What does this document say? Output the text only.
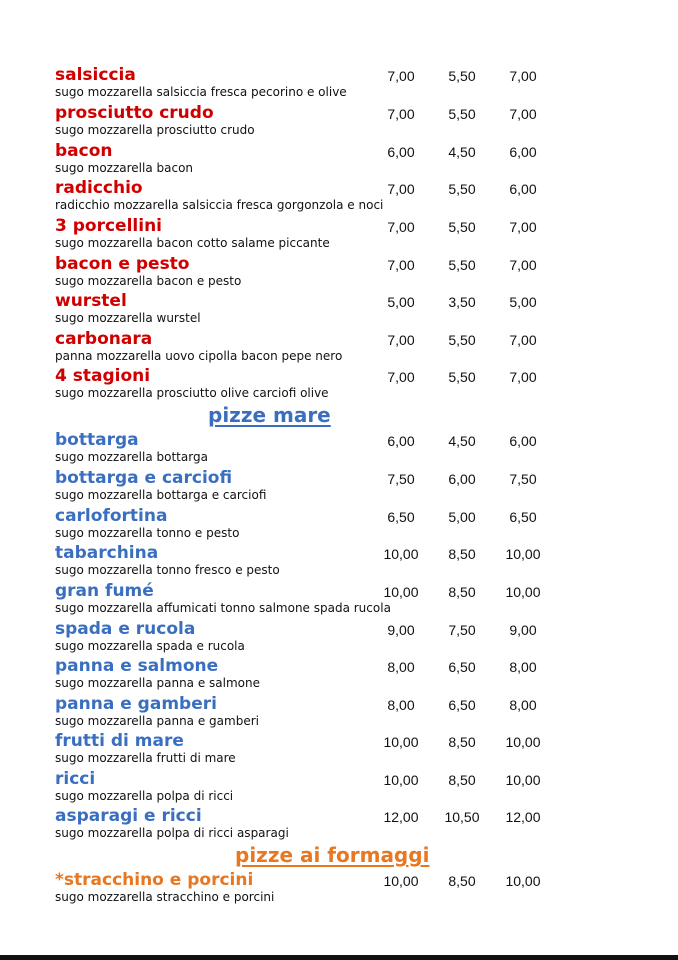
salsiccia
sugo mozzarella salsiccia fresca pecorino e olive
7,00	5,50	7,00
prosciutto crudo
sugo mozzarella prosciutto crudo
7,00	5,50	7,00
bacon
sugo mozzarella bacon
6,00	4,50	6,00
radicchio
radicchio mozzarella salsiccia fresca gorgonzola e noci
7,00	5,50	6,00
3 porcellini
sugo mozzarella bacon cotto salame piccante
7,00	5,50	7,00
bacon e pesto
sugo mozzarella bacon e pesto
7,00	5,50	7,00
wurstel
sugo mozzarella wurstel
5,00	3,50	5,00
carbonara
panna mozzarella uovo cipolla bacon pepe nero
7,00	5,50	7,00
4 stagioni
sugo mozzarella prosciutto olive carciofi olive
7,00	5,50	7,00
pizze mare
bottarga
sugo mozzarella bottarga
6,00	4,50	6,00
bottarga e carciofi
sugo mozzarella bottarga e carciofi
7,50	6,00	7,50
carlofortina
sugo mozzarella tonno e pesto
6,50	5,00	6,50
tabarchina
sugo mozzarella tonno fresco e pesto
10,00	8,50	10,00
gran fumé
sugo mozzarella affumicati tonno salmone spada rucola
10,00	8,50	10,00
spada e rucola
sugo mozzarella spada e rucola
9,00	7,50	9,00
panna e salmone
sugo mozzarella panna e salmone
8,00	6,50	8,00
panna e gamberi
sugo mozzarella panna e gamberi
8,00	6,50	8,00
frutti di mare
sugo mozzarella frutti di mare
10,00	8,50	10,00
ricci
sugo mozzarella polpa di ricci
10,00	8,50	10,00
asparagi e ricci
sugo mozzarella polpa di ricci asparagi
12,00	10,50	12,00
pizze ai formaggi
*stracchino e porcini
sugo mozzarella stracchino e porcini
10,00	8,50	10,00
